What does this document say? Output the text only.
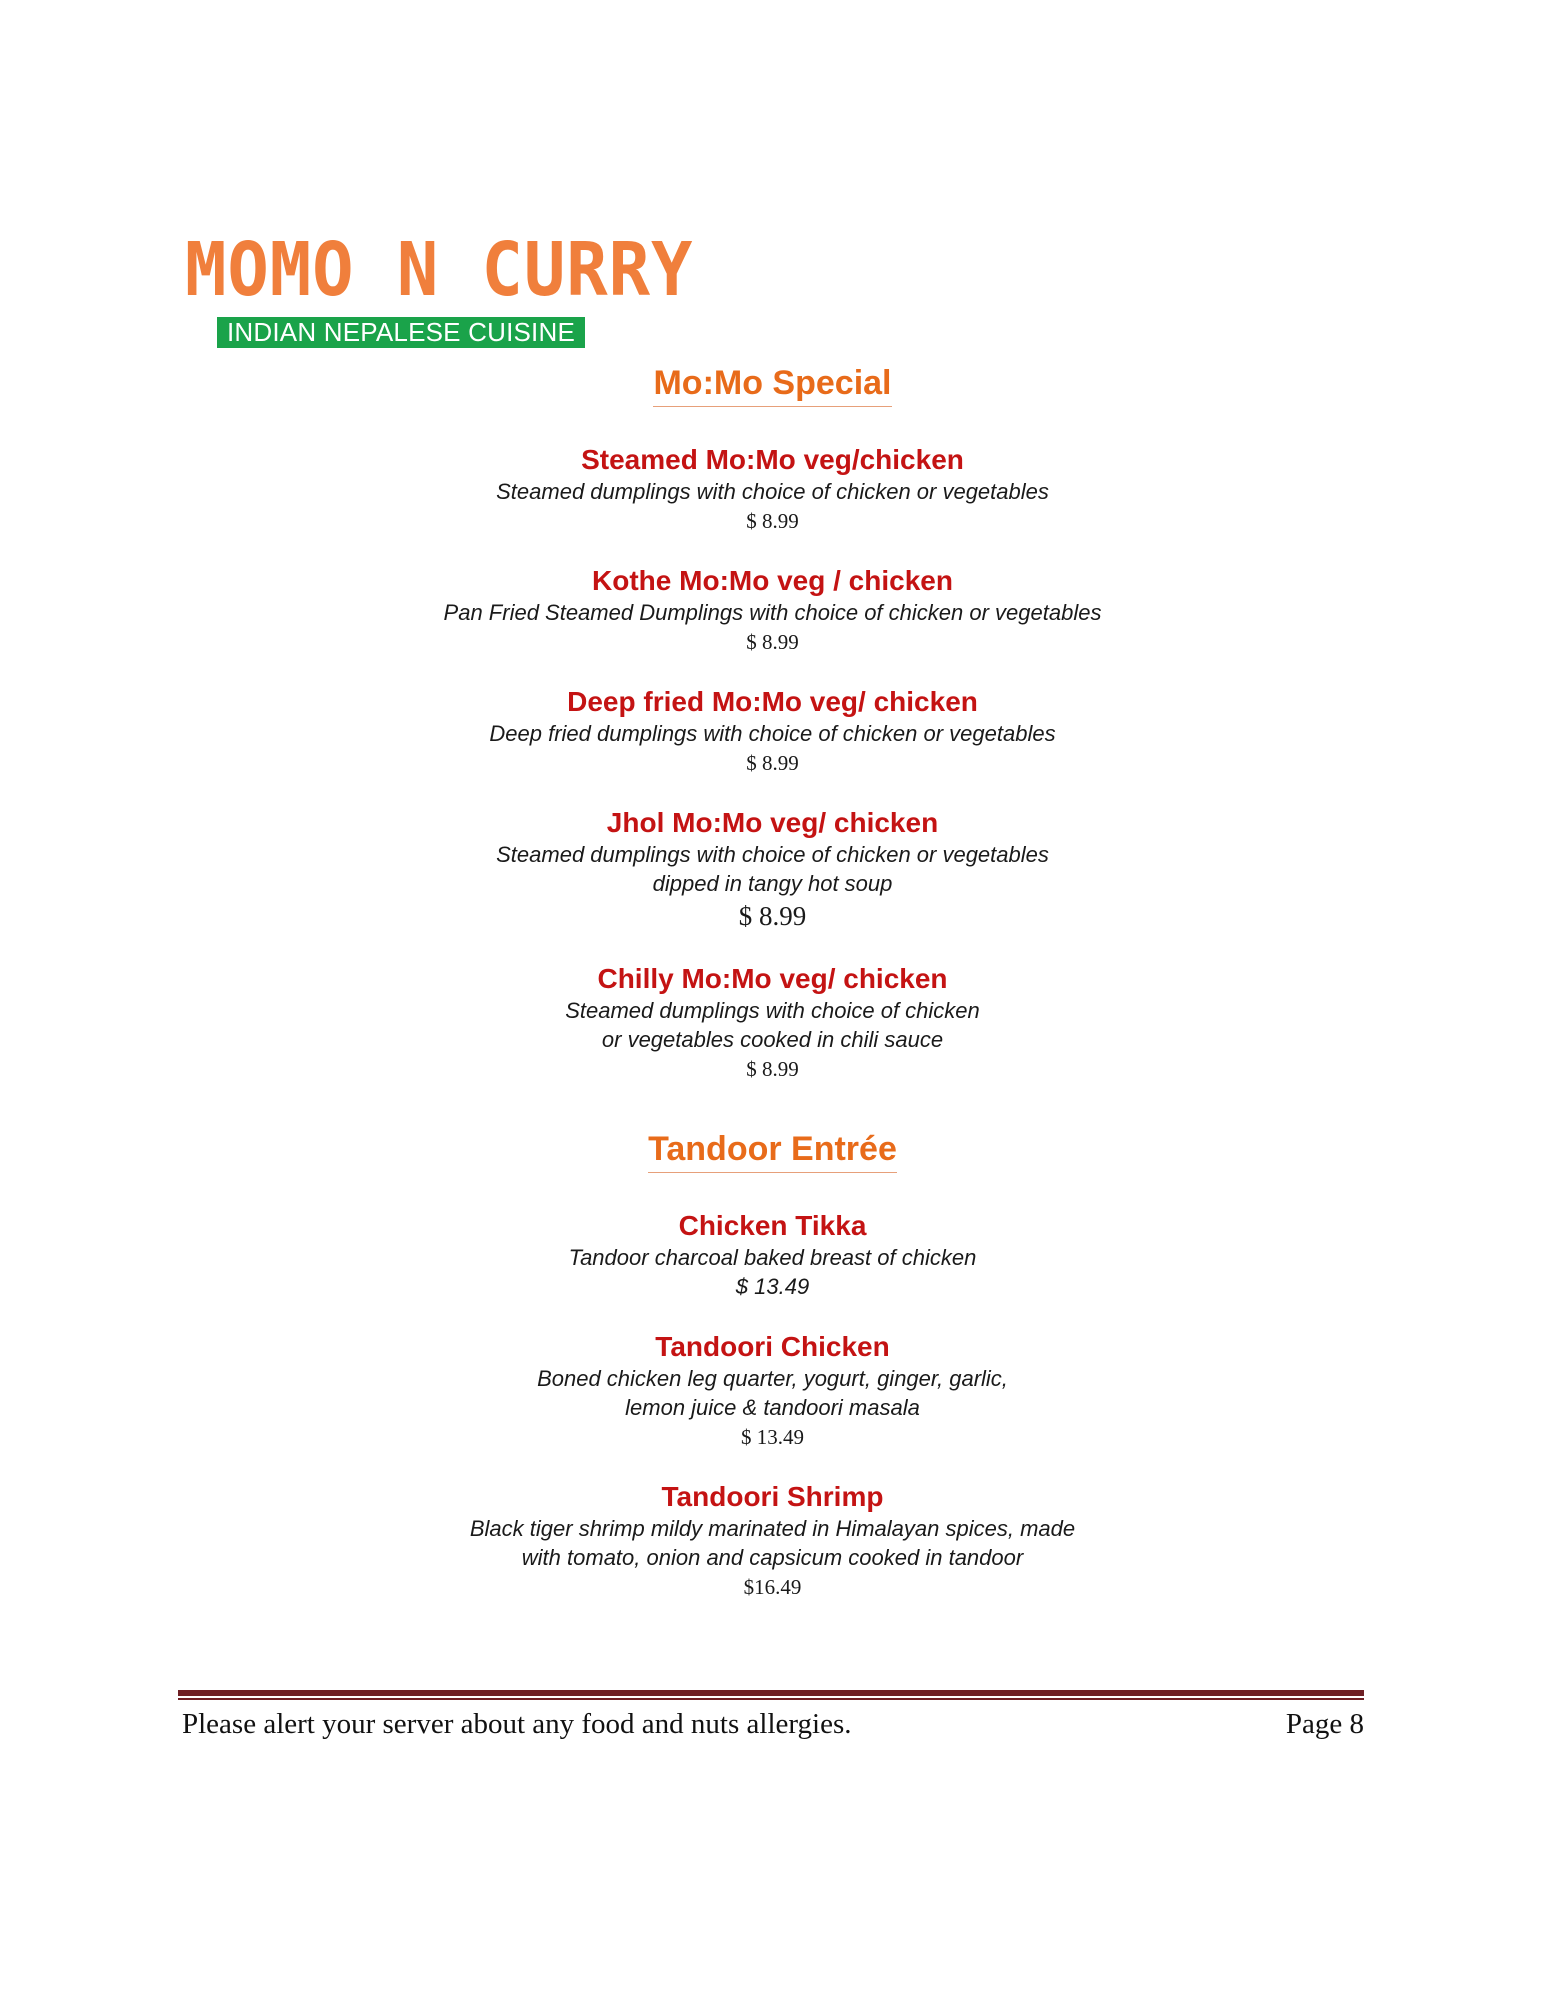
MOMO N CURRY
INDIAN NEPALESE CUISINE
Mo:Mo Special
Steamed Mo:Mo veg/chicken
Steamed dumplings with choice of chicken or vegetables
$ 8.99
Kothe Mo:Mo veg / chicken
Pan Fried Steamed Dumplings with choice of chicken or vegetables
$ 8.99
Deep fried Mo:Mo veg/ chicken
Deep fried dumplings with choice of chicken or vegetables
$ 8.99
Jhol Mo:Mo veg/ chicken
Steamed dumplings with choice of chicken or vegetables
dipped in tangy hot soup
$ 8.99
Chilly Mo:Mo veg/ chicken
Steamed dumplings with choice of chicken
or vegetables cooked in chili sauce
$ 8.99
Tandoor Entrée
Chicken Tikka
Tandoor charcoal baked breast of chicken
$ 13.49
Tandoori Chicken
Boned chicken leg quarter, yogurt, ginger, garlic,
lemon juice & tandoori masala
$ 13.49
Tandoori Shrimp
Black tiger shrimp mildy marinated in Himalayan spices, made
with tomato, onion and capsicum cooked in tandoor
$16.49
Please alert your server about any food and nuts allergies.	Page 8
